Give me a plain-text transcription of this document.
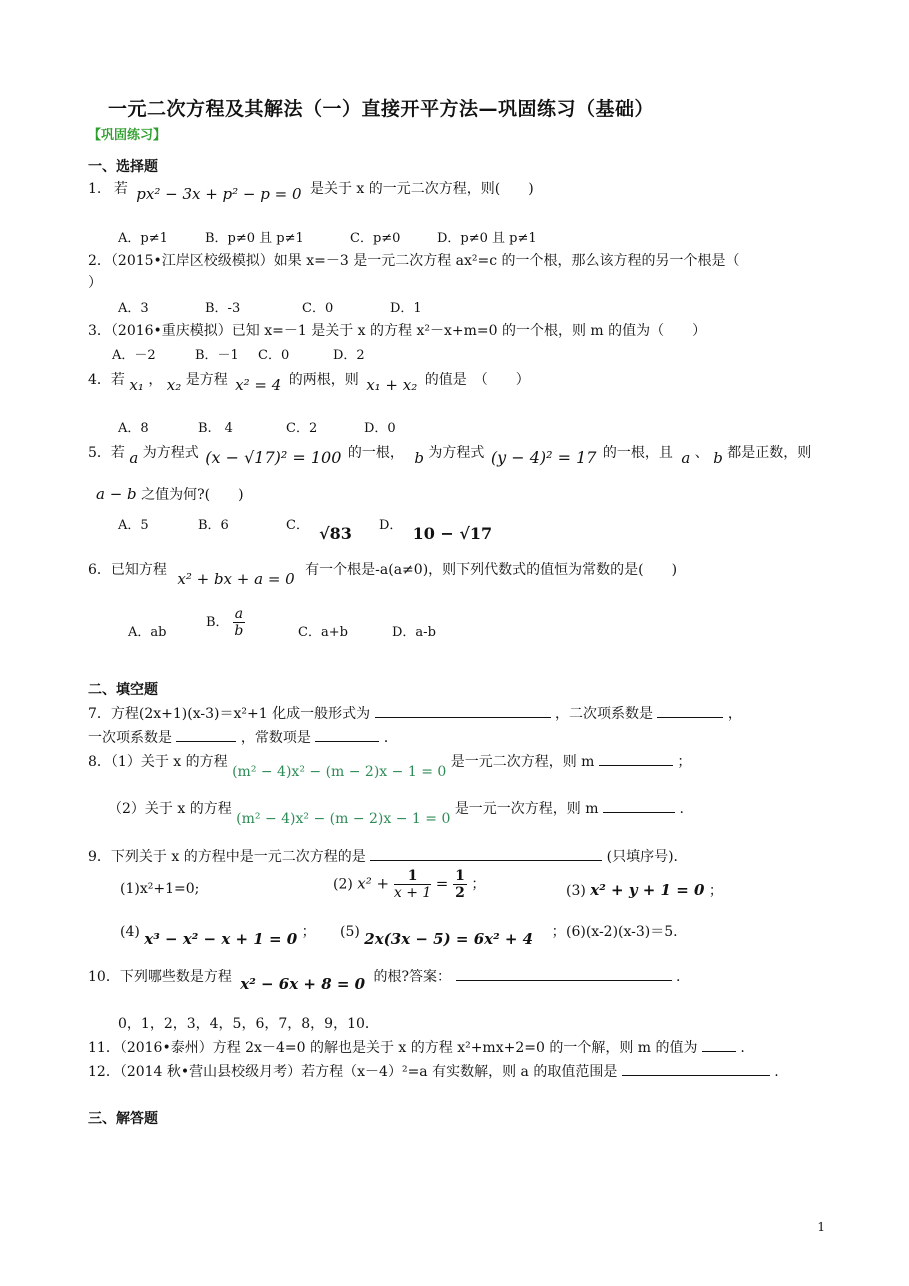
一元二次方程及其解法（一）直接开平方法—巩固练习（基础）
【巩固练习】
一、选择题
1. 若 px² − 3x + p² − p = 0 是关于 x 的一元二次方程，则(　　)
A．p≠1	B．p≠0 且 p≠1	C．p≠0	D．p≠0 且 p≠1
2．（2015•江岸区校级模拟）如果 x=－3 是一元二次方程 ax²=c 的一个根，那么该方程的另一个根是（
）
A．3	B．-3	C．0	D．1
3．（2016•重庆模拟）已知 x=－1 是关于 x 的方程 x²－x+m=0 的一个根，则 m 的值为（　　）
A．－2	B．－1 C．0	D．2
4．若 x₁ ， x₂ 是方程 x² = 4 的两根，则 x₁ + x₂ 的值是　（　　）
A．8	B.　4	C．2	D．0
5．若 a 为方程式 (x − √17)² = 100 的一根， b 为方程式 (y − 4)² = 17 的一根，且 a 、 b 都是正数，则
a − b 之值为何?(　　)
A．5	B．6	C． √83 D． 10 − √17
6．已知方程 x² + bx + a = 0 有一个根是-a(a≠0)，则下列代数式的值恒为常数的是(　　)
A．ab
B． $\frac{a}{b}$	C．a+b	D．a-b
二、填空题
7．方程(2x+1)(x-3)＝x²+1 化成一般形式为	，二次项系数是	，
一次项系数是	，常数项是	．
8．（1）关于 x 的方程 (m² − 4)x² − (m − 2)x − 1 = 0 是一元二次方程，则 m	；
（2）关于 x 的方程 (m² − 4)x² − (m − 2)x − 1 = 0 是一元一次方程，则 m	.
9．下列关于 x 的方程中是一元二次方程的是	(只填序号)．
(1)x²+1=0;	(2) $x^2 + \frac{1}{x + 1} = \frac{1}{2}$ ；	(3) x² + y + 1 = 0 ；
(4) x³ − x² − x + 1 = 0 ； (5) 2x(3x − 5) = 6x² + 4 ； (6)(x-2)(x-3)＝5.
10．下列哪些数是方程 x² − 6x + 8 = 0 的根?答案：	.
0，1，2，3，4，5，6，7，8，9，10．
11．（2016•泰州）方程 2x－4=0 的解也是关于 x 的方程 x²+mx+2=0 的一个解，则 m 的值为	.
12．（2014 秋•营山县校级月考）若方程（x－4）²=a 有实数解，则 a 的取值范围是	.
三、解答题
1
